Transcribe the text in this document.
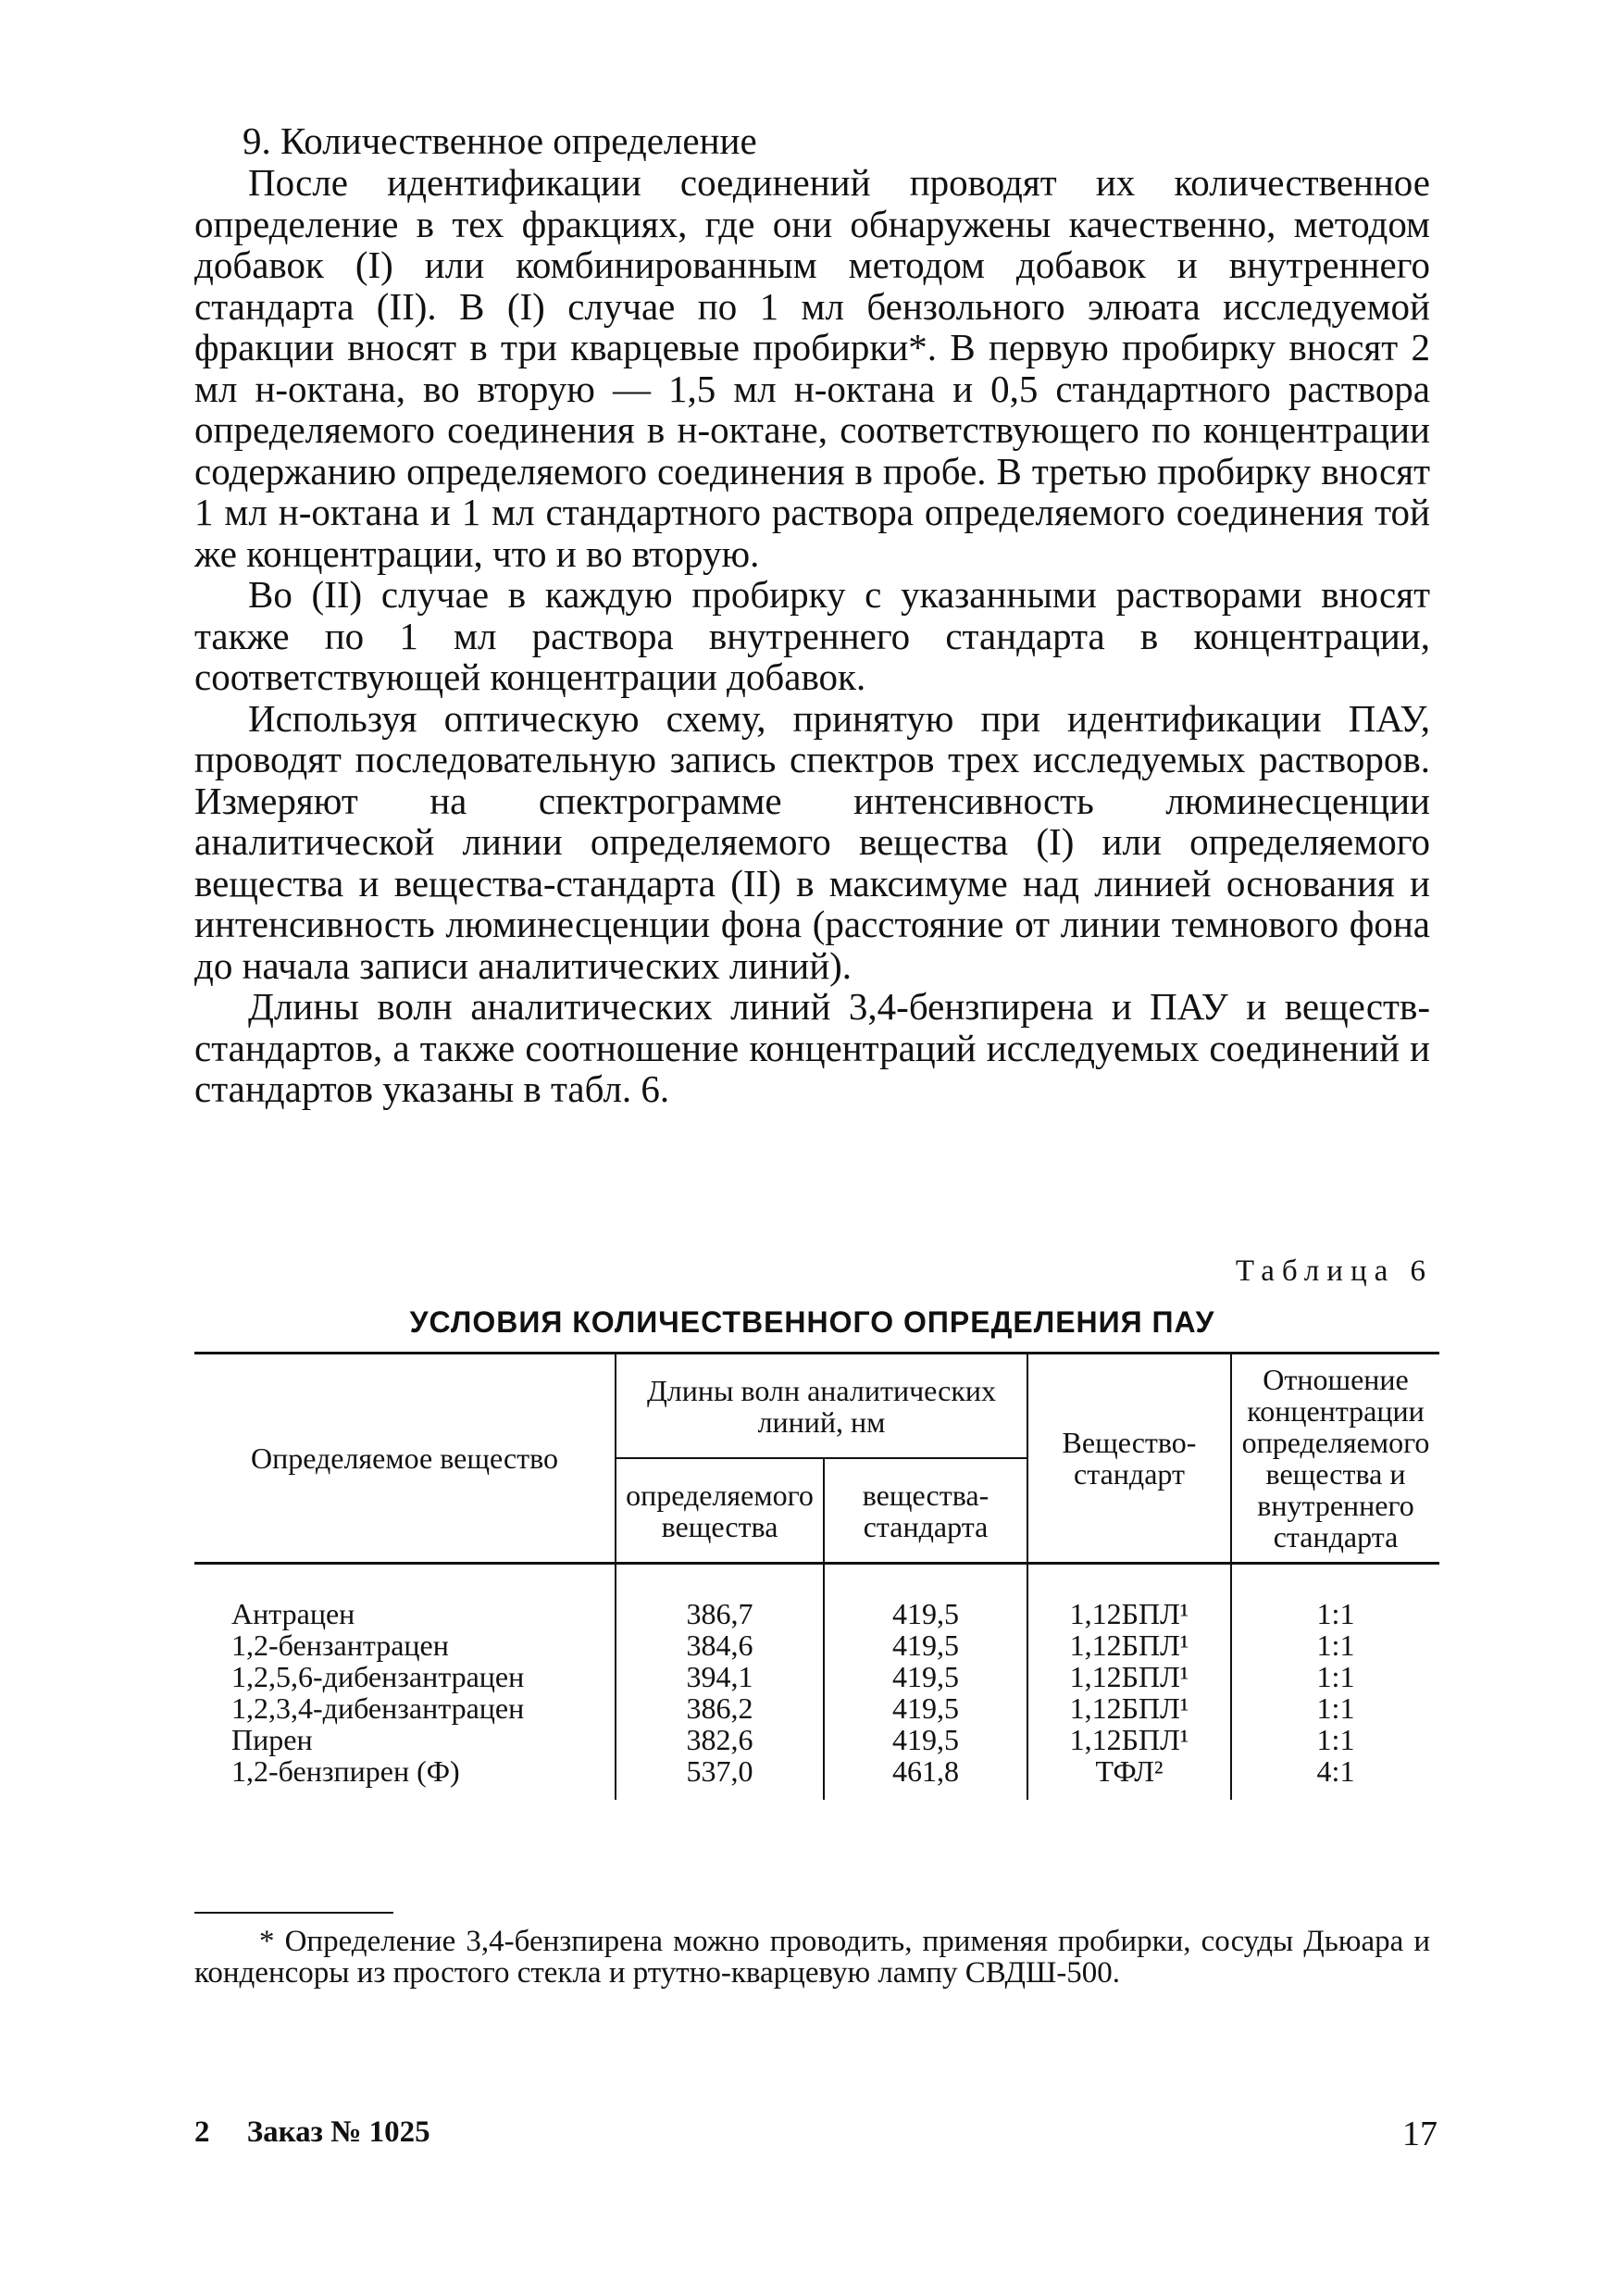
9. Количественное определение

После идентификации соединений проводят их количественное определение в тех фракциях, где они обнаружены качественно, методом добавок (I) или комбинированным методом добавок и внутреннего стандарта (II). В (I) случае по 1 мл бензольного элюата исследуемой фракции вносят в три кварцевые пробирки*. В первую пробирку вносят 2 мл н-октана, во вторую — 1,5 мл н-октана и 0,5 стандартного раствора определяемого соединения в н-октане, соответствующего по концентрации содержанию определяемого соединения в пробе. В третью пробирку вносят 1 мл н-октана и 1 мл стандартного раствора определяемого соединения той же концентрации, что и во вторую.

Во (II) случае в каждую пробирку с указанными растворами вносят также по 1 мл раствора внутреннего стандарта в концентрации, соответствующей концентрации добавок.

Используя оптическую схему, принятую при идентификации ПАУ, проводят последовательную запись спектров трех исследуемых растворов. Измеряют на спектрограмме интенсивность люминесценции аналитической линии определяемого вещества (I) или определяемого вещества и вещества-стандарта (II) в максимуме над линией основания и интенсивность люминесценции фона (расстояние от линии темнового фона до начала записи аналитических линий).

Длины волн аналитических линий 3,4-бензпирена и ПАУ и веществ-стандартов, а также соотношение концентраций исследуемых соединений и стандартов указаны в табл. 6.

Таблица 6
УСЛОВИЯ КОЛИЧЕСТВЕННОГО ОПРЕДЕЛЕНИЯ ПАУ
Определяемое вещество	Длины волн аналитических линий, нм		Вещество-стандарт	Отношение концентрации определяемого вещества и внутреннего стандарта
	определяемого вещества	вещества-стандарта		
Антрацен	386,7	419,5	1,12БПЛ¹	1:1
1,2-бензантрацен	384,6	419,5	1,12БПЛ¹	1:1
1,2,5,6-дибензантрацен	394,1	419,5	1,12БПЛ¹	1:1
1,2,3,4-дибензантрацен	386,2	419,5	1,12БПЛ¹	1:1
Пирен	382,6	419,5	1,12БПЛ¹	1:1
1,2-бензпирен (Ф)	537,0	461,8	ТФЛ²	4:1
* Определение 3,4-бензпирена можно проводить, применяя пробирки, сосуды Дьюара и конденсоры из простого стекла и ртутно-кварцевую лампу СВДШ-500.
2 Заказ № 1025	17
